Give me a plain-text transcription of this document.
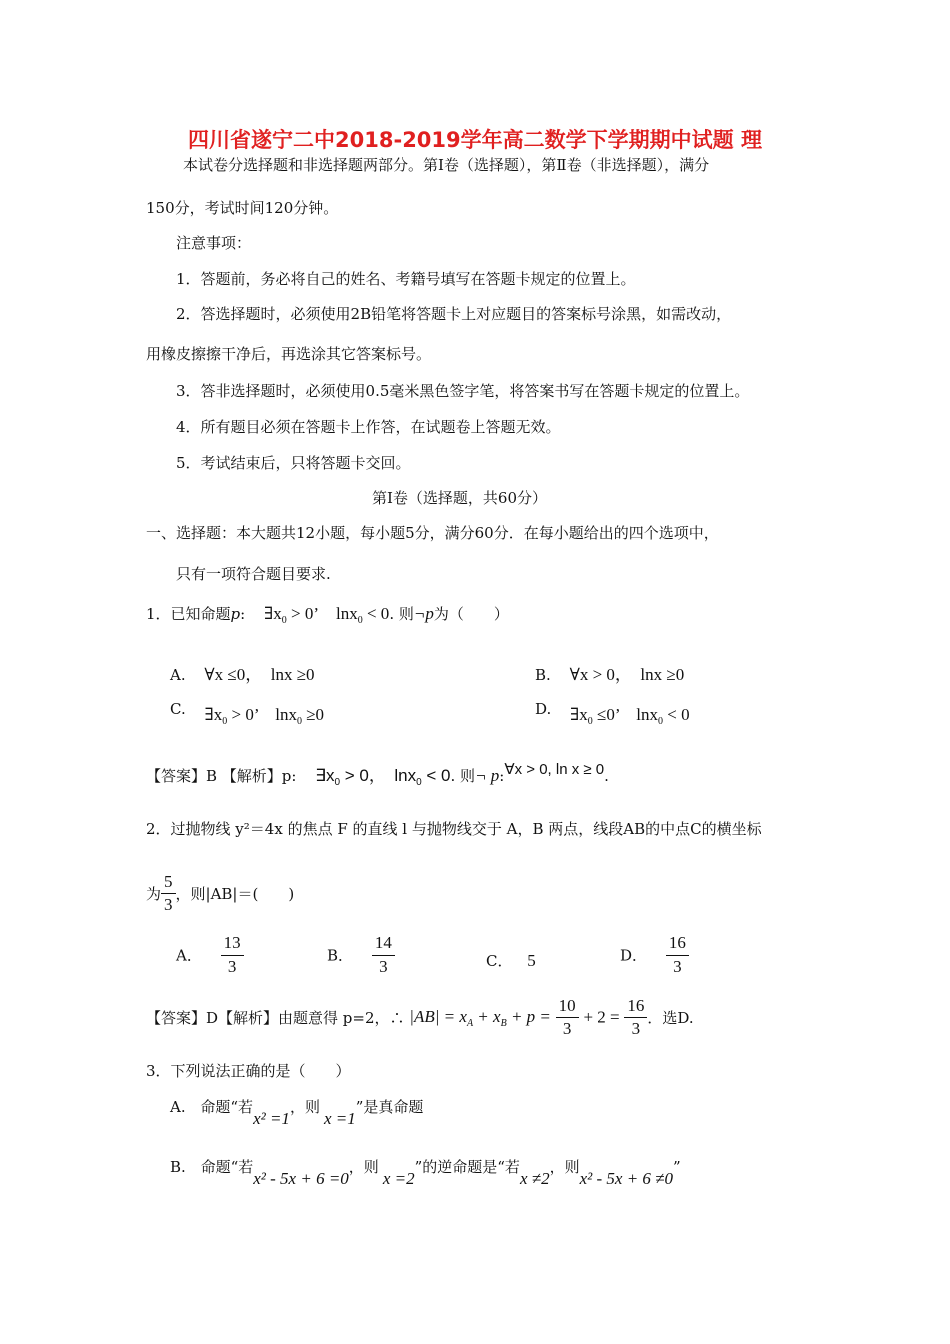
四川省遂宁二中2018-2019学年高二数学下学期期中试题 理
本试卷分选择题和非选择题两部分。第Ⅰ卷（选择题），第Ⅱ卷（非选择题），满分
150分，考试时间120分钟。
注意事项：
1．答题前，务必将自己的姓名、考籍号填写在答题卡规定的位置上。
2．答选择题时，必须使用2B铅笔将答题卡上对应题目的答案标号涂黑，如需改动，
用橡皮擦擦干净后，再选涂其它答案标号。
3．答非选择题时，必须使用0.5毫米黑色签字笔，将答案书写在答题卡规定的位置上。
4．所有题目必须在答题卡上作答，在试题卷上答题无效。
5．考试结束后，只将答题卡交回。
第Ⅰ卷（选择题，共60分）
一、选择题：本大题共12小题，每小题5分，满分60分．在每小题给出的四个选项中，
只有一项符合题目要求.
1．已知命题p: $\exists x_0 > 0$’ lnx$_0$ < 0. 则¬p为（　　）
A. ∀x ≤0，　lnx ≥0	B. ∀x > 0，　lnx ≥0
C. $\exists x_0 > 0$’　lnx$_0$ ≥0	D. $\exists x_0 \le 0$’　lnx$_0$ < 0
【答案】B 【解析】p: $\exists x_0 > 0$，　lnx$_0$ < 0. 则¬ p:∀x > 0, ln x ≥ 0.
2．过抛物线 y²＝4x 的焦点 F 的直线 l 与抛物线交于 A，B 两点，线段AB的中点C的横坐标
为 $\frac{5}{3}$ ，则|AB|＝(　　)
A． $\frac{13}{3}$	B． $\frac{14}{3}$	C． 5	D． $\frac{16}{3}$
【答案】D【解析】由题意得 p=2，∴ $|AB| = x_A + x_B + p = \frac{10}{3} + 2 = \frac{16}{3}$ ．选D.
3．下列说法正确的是（　　）
A. 命题“若x² =1，则x =1”是真命题
B. 命题“若x² - 5x + 6 =0，则x =2”的逆命题是“若x ≠2，则x² - 5x + 6 ≠0”
